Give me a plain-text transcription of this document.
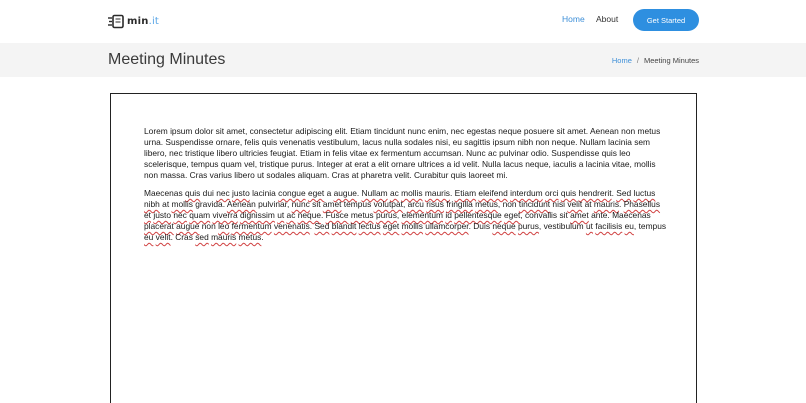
min.it	Home About	Get Started
Meeting Minutes	Home / Meeting Minutes

Lorem ipsum dolor sit amet, consectetur adipiscing elit. Etiam tincidunt nunc enim, nec egestas neque posuere sit amet. Aenean non metus urna. Suspendisse ornare, felis quis venenatis vestibulum, lacus nulla sodales nisi, eu sagittis ipsum nibh non neque. Nullam lacinia sem libero, nec tristique libero ultricies feugiat. Etiam in felis vitae ex fermentum accumsan. Nunc ac pulvinar odio. Suspendisse quis leo scelerisque, tempus quam vel, tristique purus. Integer at erat a elit ornare ultrices a id velit. Nulla lacus neque, iaculis a lacinia vitae, mollis non massa. Cras varius libero ut sodales aliquam. Cras at pharetra velit. Curabitur quis laoreet mi.

Maecenas quis dui nec justo lacinia congue eget a augue. Nullam ac mollis mauris. Etiam eleifend interdum orci quis hendrerit. Sed luctus nibh at mollis gravida. Aenean pulvinar, nunc sit amet tempus volutpat, arcu risus fringilla metus, non tincidunt nisi velit at mauris. Phasellus et justo nec quam viverra dignissim ut ac neque. Fusce metus purus, elementum id pellentesque eget, convallis sit amet ante. Maecenas placerat augue non leo fermentum venenatis. Sed blandit lectus eget mollis ullamcorper. Duis neque purus, vestibulum ut facilisis eu, tempus eu velit. Cras sed mauris metus.
